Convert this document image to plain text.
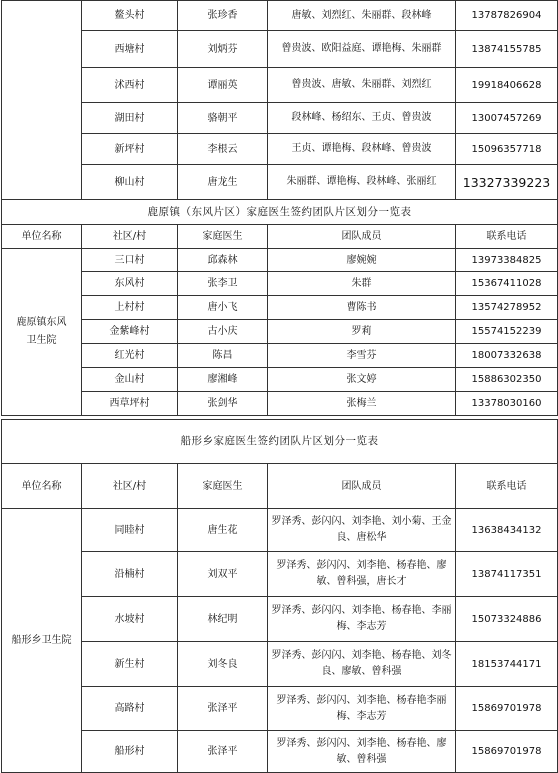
	鳌头村	张珍香	唐敏、刘烈红、朱丽群、段林峰	13787826904
	西塘村	刘炳芬	曾贵波、欧阳益庭、谭艳梅、朱丽群	13874155785
	沭西村	谭丽英	曾贵波、唐敏、朱丽群、刘烈红	19918406628
	湖田村	骆朝平	段林峰、杨绍东、王贞、曾贵波	13007457269
	新坪村	李根云	王贞、谭艳梅、段林峰、曾贵波	15096357718
	柳山村	唐龙生	朱丽群、谭艳梅、段林峰、张丽红	13327339223
鹿原镇（东风片区）家庭医生签约团队片区划分一览表				
单位名称	社区/村	家庭医生	团队成员	联系电话
鹿原镇东风卫生院	三口村	邱森林	廖婉婉	13973384825
	东风村	张李卫	朱群	15367411028
	上村村	唐小飞	曹陈书	13574278952
	金紫峰村	古小庆	罗莉	15574152239
	红光村	陈昌	李雪芬	18007332638
	金山村	廖湘峰	张文婷	15886302350
	西草坪村	张剑华	张梅兰	13378030160
船形乡家庭医生签约团队片区划分一览表				
单位名称	社区/村	家庭医生	团队成员	联系电话
船形乡卫生院	同睦村	唐生花	罗泽秀、彭闪闪、刘李艳、刘小菊、王金良、唐松华	13638434132
	沿楠村	刘双平	罗泽秀、彭闪闪、刘李艳、杨春艳、廖敏、曾科强，唐长才	13874117351
	水坡村	林纪明	罗泽秀、彭闪闪、刘李艳、杨春艳、李丽梅、李志芳	15073324886
	新生村	刘冬良	罗泽秀、彭闪闪、刘李艳、杨春艳、刘冬良、廖敏、曾科强	18153744171
	高路村	张泽平	罗泽秀、彭闪闪、刘李艳、杨春艳李丽梅、李志芳	15869701978
	船形村	张泽平	罗泽秀、彭闪闪、刘李艳、杨春艳、廖敏、曾科强	15869701978
